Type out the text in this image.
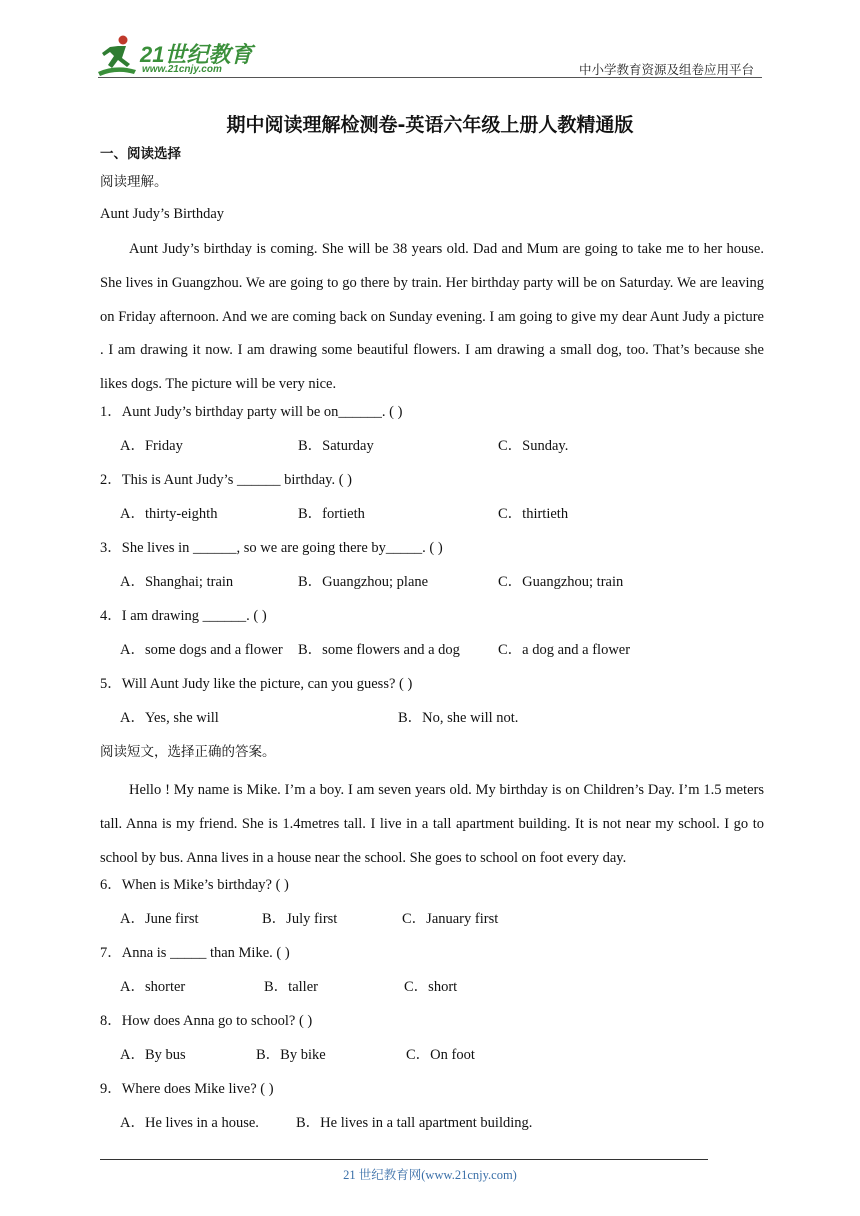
21世纪教育
www.21cnjy.com	中小学教育资源及组卷应用平台
期中阅读理解检测卷-英语六年级上册人教精通版
一、阅读选择
阅读理解。
Aunt Judy’s Birthday

Aunt Judy’s birthday is coming. She will be 38 years old. Dad and Mum are going to take me to her house. She lives in Guangzhou. We are going to go there by train. Her birthday party will be on Saturday. We are leaving on Friday afternoon. And we are coming back on Sunday evening. I am going to give my dear Aunt Judy a picture . I am drawing it now. I am drawing some beautiful flowers. I am drawing a small dog, too. That’s because she likes dogs. The picture will be very nice.

1．Aunt Judy’s birthday party will be on______. ( )
A．Friday	B．Saturday	C．Sunday.
2．This is Aunt Judy’s ______ birthday. ( )
A．thirty-eighth	B．fortieth	C．thirtieth
3．She lives in ______, so we are going there by_____. ( )
A．Shanghai; train	B．Guangzhou; plane	C．Guangzhou; train
4．I am drawing ______. ( )
A．some dogs and a flower B．some flowers and a dog	C．a dog and a flower
5．Will Aunt Judy like the picture, can you guess? ( )
A．Yes, she will	B．No, she will not.
阅读短文，选择正确的答案。

Hello ! My name is Mike. I’m a boy. I am seven years old. My birthday is on Children’s Day. I’m 1.5 meters tall. Anna is my friend. She is 1.4metres tall. I live in a tall apartment building. It is not near my school. I go to school by bus. Anna lives in a house near the school. She goes to school on foot every day.

6．When is Mike’s birthday? ( )
A．June first	B．July first	C．January first
7．Anna is _____ than Mike. ( )
A．shorter	B．taller	C．short
8．How does Anna go to school? ( )
A．By bus	B．By bike	C．On foot
9．Where does Mike live? ( )
A．He lives in a house.	B．He lives in a tall apartment building.
21 世纪教育网(www.21cnjy.com)
